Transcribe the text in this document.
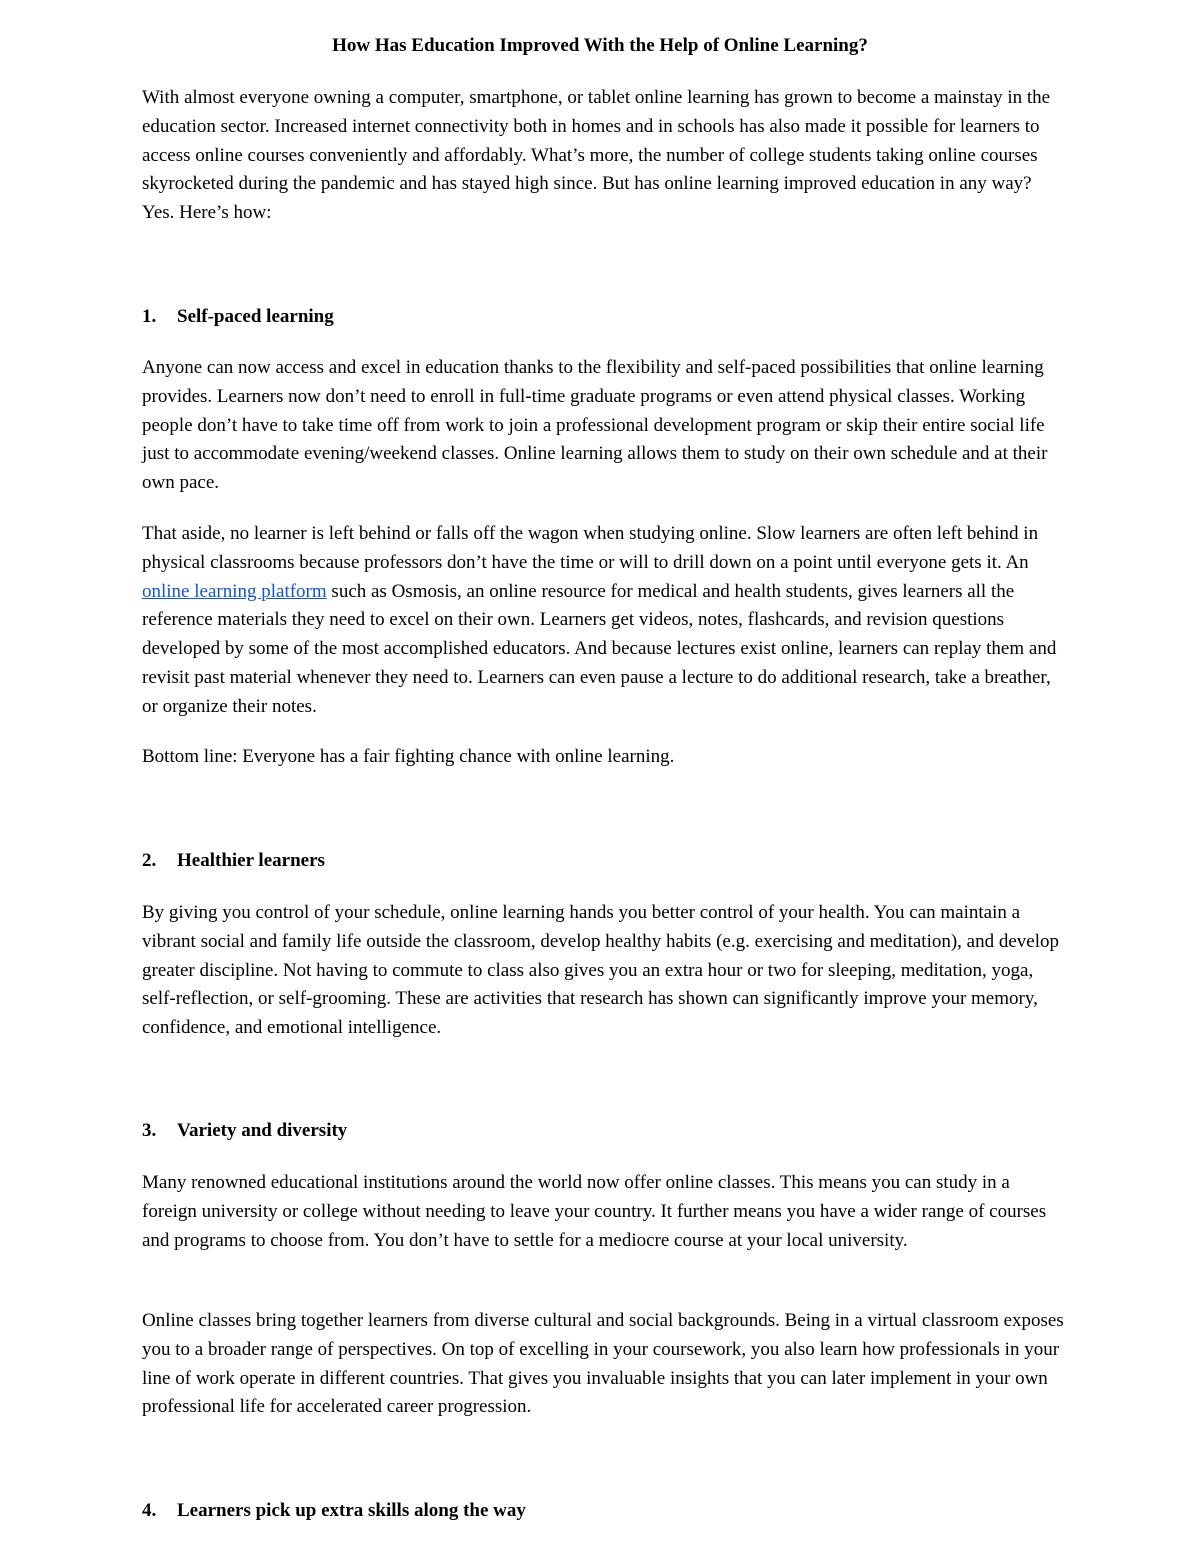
How Has Education Improved With the Help of Online Learning?

With almost everyone owning a computer, smartphone, or tablet online learning has grown to become a mainstay in the education sector. Increased internet connectivity both in homes and in schools has also made it possible for learners to access online courses conveniently and affordably. What’s more, the number of college students taking online courses skyrocketed during the pandemic and has stayed high since. But has online learning improved education in any way? Yes. Here’s how:

1. Self-paced learning

Anyone can now access and excel in education thanks to the flexibility and self-paced possibilities that online learning provides. Learners now don’t need to enroll in full-time graduate programs or even attend physical classes. Working people don’t have to take time off from work to join a professional development program or skip their entire social life just to accommodate evening/weekend classes. Online learning allows them to study on their own schedule and at their own pace.

That aside, no learner is left behind or falls off the wagon when studying online. Slow learners are often left behind in physical classrooms because professors don’t have the time or will to drill down on a point until everyone gets it. An online learning platform such as Osmosis, an online resource for medical and health students, gives learners all the reference materials they need to excel on their own. Learners get videos, notes, flashcards, and revision questions developed by some of the most accomplished educators. And because lectures exist online, learners can replay them and revisit past material whenever they need to. Learners can even pause a lecture to do additional research, take a breather, or organize their notes.

Bottom line: Everyone has a fair fighting chance with online learning.

2. Healthier learners

By giving you control of your schedule, online learning hands you better control of your health. You can maintain a vibrant social and family life outside the classroom, develop healthy habits (e.g. exercising and meditation), and develop greater discipline. Not having to commute to class also gives you an extra hour or two for sleeping, meditation, yoga, self-reflection, or self-grooming. These are activities that research has shown can significantly improve your memory, confidence, and emotional intelligence.

3. Variety and diversity

Many renowned educational institutions around the world now offer online classes. This means you can study in a foreign university or college without needing to leave your country. It further means you have a wider range of courses and programs to choose from. You don’t have to settle for a mediocre course at your local university.

Online classes bring together learners from diverse cultural and social backgrounds. Being in a virtual classroom exposes you to a broader range of perspectives. On top of excelling in your coursework, you also learn how professionals in your line of work operate in different countries. That gives you invaluable insights that you can later implement in your own professional life for accelerated career progression.

4. Learners pick up extra skills along the way
